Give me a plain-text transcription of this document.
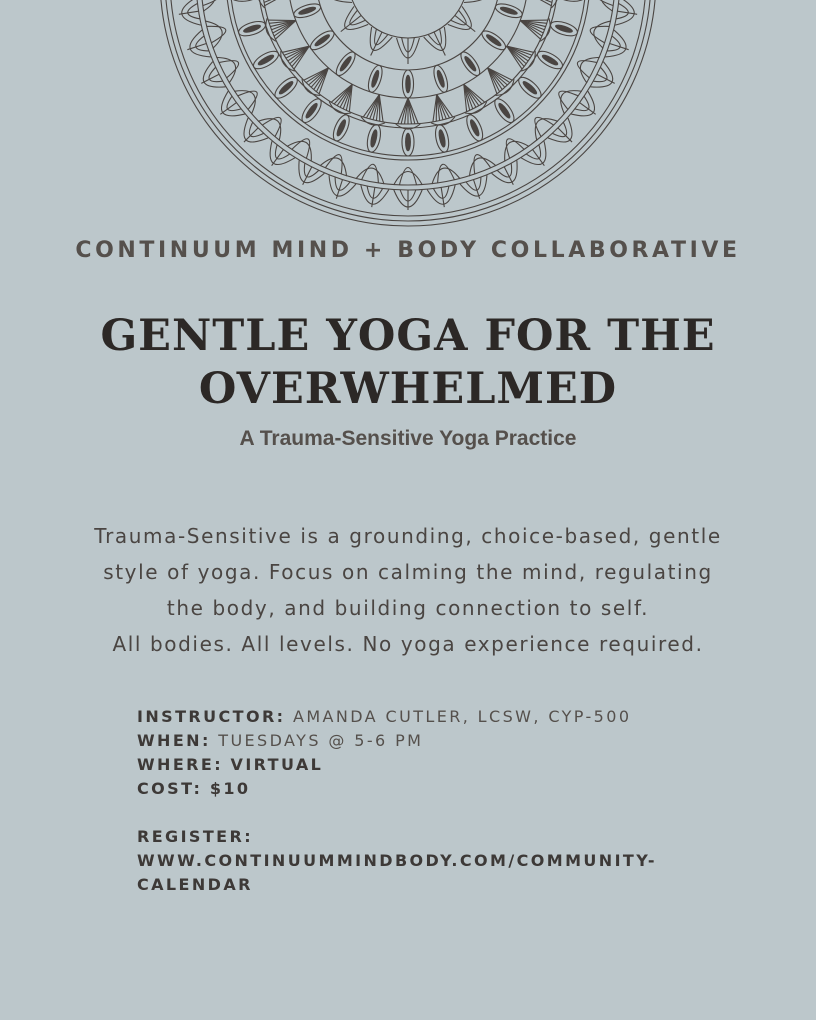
CONTINUUM MIND + BODY COLLABORATIVE
GENTLE YOGA FOR THE
OVERWHELMED
A Trauma-Sensitive Yoga Practice

Trauma-Sensitive is a grounding, choice-based, gentle
style of yoga. Focus on calming the mind, regulating
the body, and building connection to self.
All bodies. All levels. No yoga experience required.

INSTRUCTOR: AMANDA CUTLER, LCSW, CYP-500
WHEN: TUESDAYS @ 5-6 PM
WHERE: VIRTUAL
COST: $10
REGISTER:
WWW.CONTINUUMMINDBODY.COM/COMMUNITY-
CALENDAR
